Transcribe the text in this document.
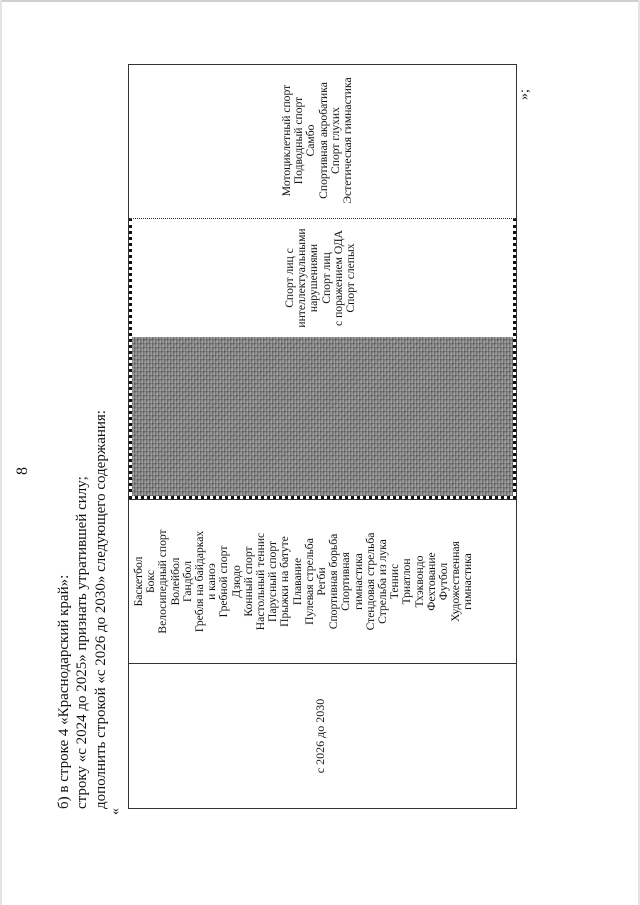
8
б) в строке 4 «Краснодарский край»: строку «с 2024 до 2025» признать утратившей силу; дополнить строкой «с 2026 до 2030» следующего содержания:
«
с 2026 до 2030
Баскетбол Бокс Велосипедный спорт Волейбол Гандбол Гребля на байдарках и каноэ Гребной спорт Дзюдо Конный спорт Настольный теннис Парусный спорт Прыжки на батуте Плавание Пулевая стрельба Регби Спортивная борьба Спортивная гимнастика Стендовая стрельба Стрельба из лука Теннис Триатлон Тхэквондо Фехтование Футбол Художественная гимнастика
Спорт лиц с интеллектуальными нарушениями Спорт лиц с поражением ОДА Спорт слепых
Мотоциклетный спорт Подводный спорт Самбо Спортивная акробатика Спорт глухих Эстетическая гимнастика	»;
